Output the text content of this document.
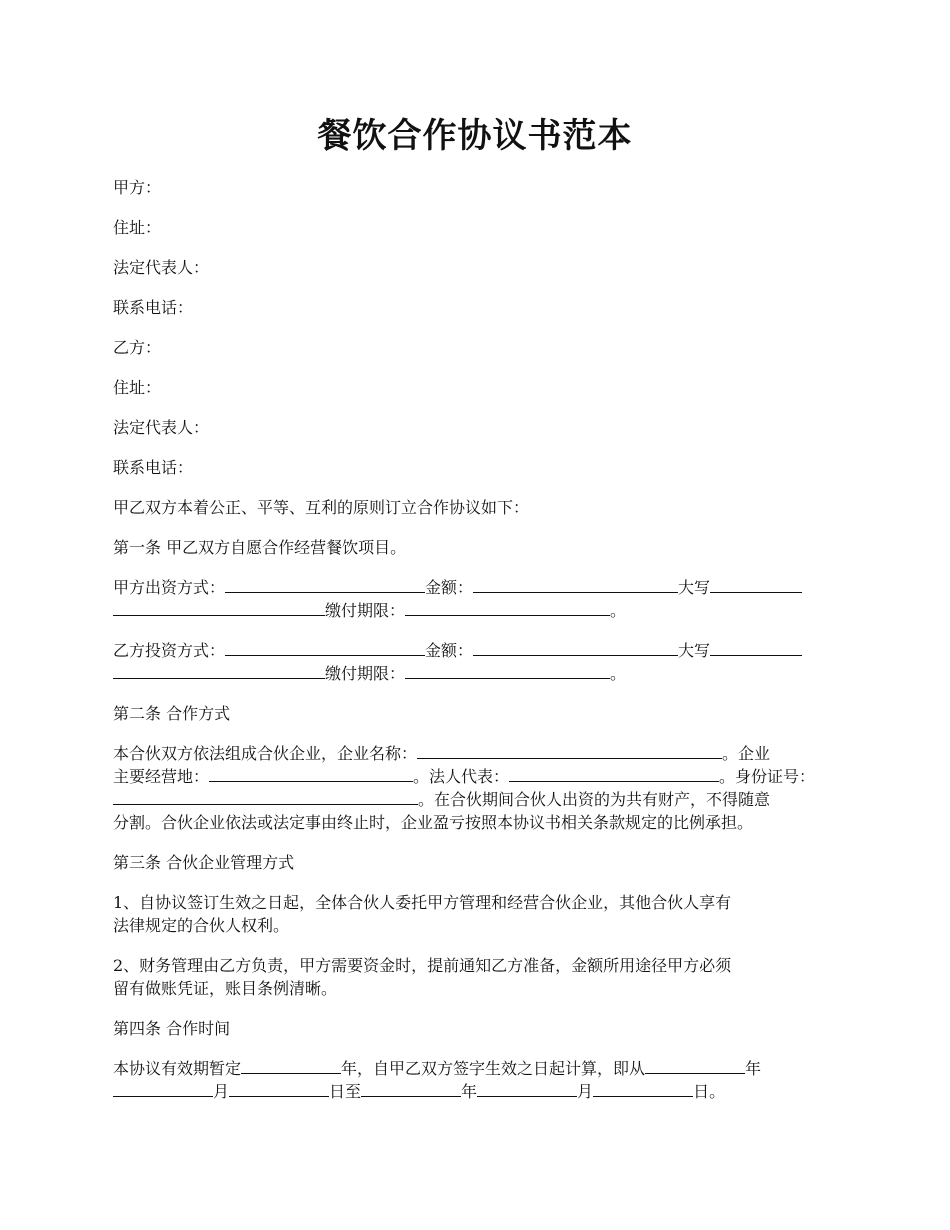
餐饮合作协议书范本

甲方：

住址：

法定代表人：

联系电话：

乙方：

住址：

法定代表人：

联系电话：

甲乙双方本着公正、平等、互利的原则订立合作协议如下：

第一条 甲乙双方自愿合作经营餐饮项目。

甲方出资方式：	金额：	大写
缴付期限：	。

乙方投资方式：	金额：	大写
缴付期限：	。

第二条 合作方式

本合伙双方依法组成合伙企业，企业名称：	。企业
主要经营地：	。法人代表：	。身份证号：
。在合伙期间合伙人出资的为共有财产，不得随意
分割。合伙企业依法或法定事由终止时，企业盈亏按照本协议书相关条款规定的比例承担。

第三条 合伙企业管理方式

1、自协议签订生效之日起，全体合伙人委托甲方管理和经营合伙企业，其他合伙人享有
法律规定的合伙人权利。

2、财务管理由乙方负责，甲方需要资金时，提前通知乙方准备，金额所用途径甲方必须
留有做账凭证，账目条例清晰。

第四条 合作时间

本协议有效期暂定	年，自甲乙双方签字生效之日起计算，即从	年
月	日至	年	月	日。
